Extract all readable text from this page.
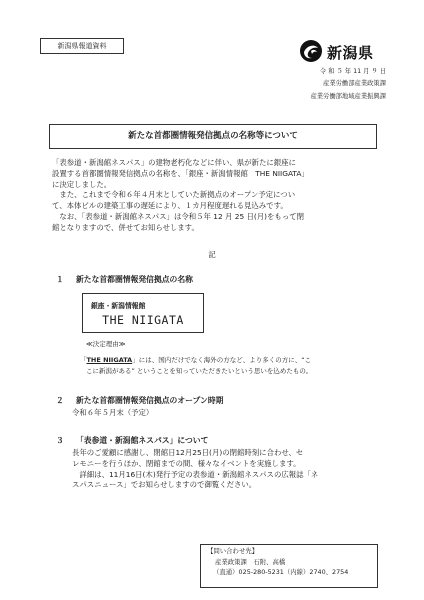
新潟県報道資料	新潟県
令 和 ５ 年 11 月 ９ 日
産業労働部産業政策課
産業労働部地域産業振興課
新たな首都圏情報発信拠点の名称等について

「表参道・新潟館ネスパス」の建物老朽化などに伴い、県が新たに銀座に

設置する首都圏情報発信拠点の名称を、「銀座・新潟情報館　THE NIIGATA」

に決定しました。

　また、これまで令和６年４月末としていた新拠点のオープン予定につい

て、本体ビルの建築工事の遅延により、１カ月程度遅れる見込みです。

　なお、「表参道・新潟館ネスパス」は令和５年 12 月 25 日(月)をもって閉

館となりますので、併せてお知らせします。

記
１ 新たな首都圏情報発信拠点の名称
銀座・新潟情報館
THE NIIGATA
≪決定理由≫
「THE NIIGATA」には、国内だけでなく海外の方など、より多くの方に、“こ
こに新潟がある” ということを知っていただきたいという思いを込めたもの。
２ 新たな首都圏情報発信拠点のオープン時期
令和６年５月末（予定）
３ 「表参道・新潟館ネスパス」について
長年のご愛顧に感謝し、閉館日12月25日(月)の閉館時刻に合わせ、セ
レモニーを行うほか、閉館までの間、様々なイベントを実施します。
　詳細は、11月16日(木)発行予定の表参道・新潟館ネスパスの広報誌「ネ
スパスニュース」でお知らせしますので御覧ください。
【問い合わせ先】
産業政策課　石附、高橋
（直通）025-280-5231（内線）2740、2754
